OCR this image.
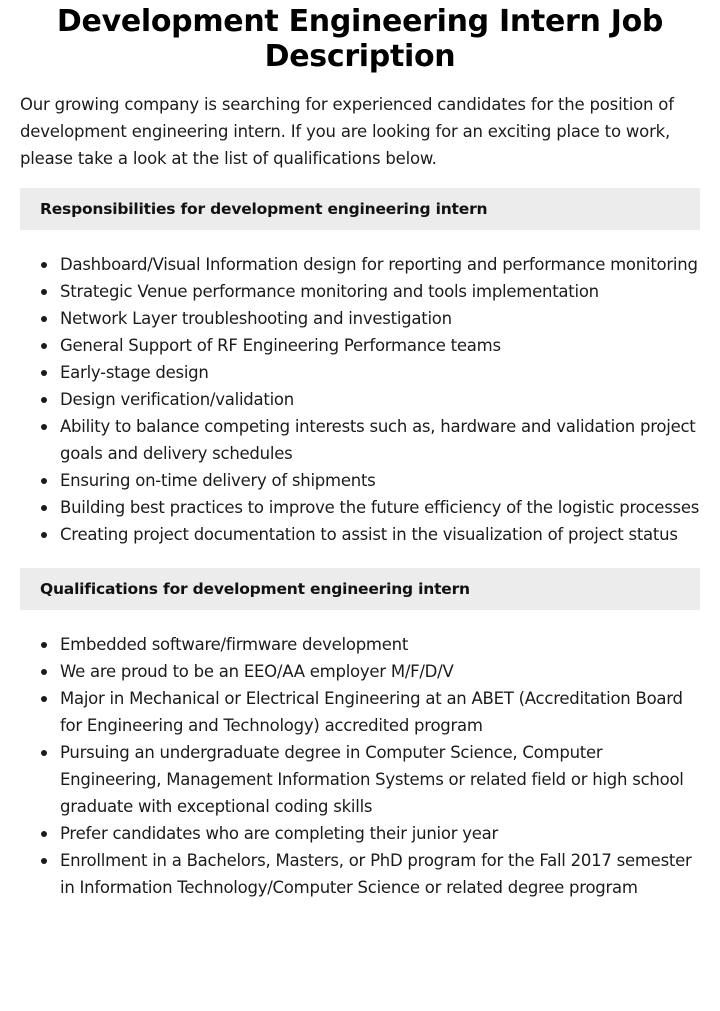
Development Engineering Intern Job Description

Our growing company is searching for experienced candidates for the position of development engineering intern. If you are looking for an exciting place to work, please take a look at the list of qualifications below.

Responsibilities for development engineering intern
Dashboard/Visual Information design for reporting and performance monitoring
Strategic Venue performance monitoring and tools implementation
Network Layer troubleshooting and investigation
General Support of RF Engineering Performance teams
Early-stage design
Design verification/validation
Ability to balance competing interests such as, hardware and validation project goals and delivery schedules
Ensuring on-time delivery of shipments
Building best practices to improve the future efficiency of the logistic processes
Creating project documentation to assist in the visualization of project status
Qualifications for development engineering intern
Embedded software/firmware development
We are proud to be an EEO/AA employer M/F/D/V
Major in Mechanical or Electrical Engineering at an ABET (Accreditation Board for Engineering and Technology) accredited program
Pursuing an undergraduate degree in Computer Science, Computer Engineering, Management Information Systems or related field or high school graduate with exceptional coding skills
Prefer candidates who are completing their junior year
Enrollment in a Bachelors, Masters, or PhD program for the Fall 2017 semester in Information Technology/Computer Science or related degree program
